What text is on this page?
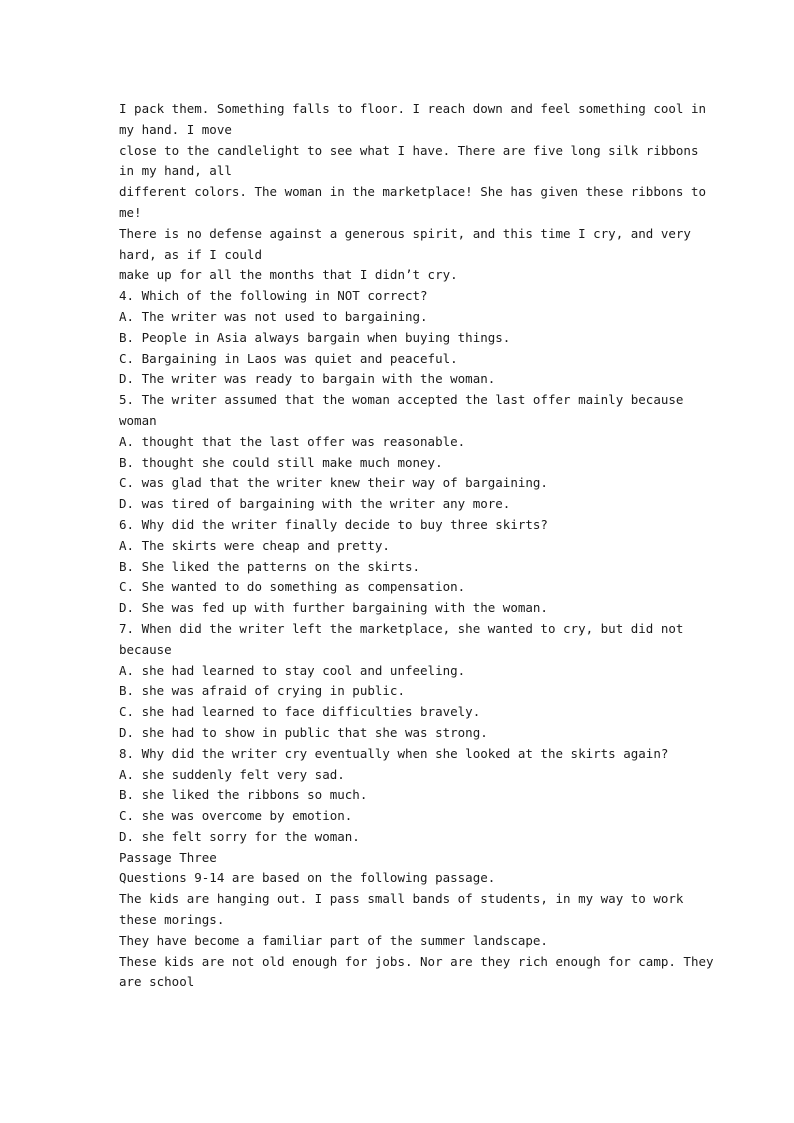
I pack them. Something falls to floor. I reach down and feel something cool in
my hand. I move
close to the candlelight to see what I have. There are five long silk ribbons
in my hand, all
different colors. The woman in the marketplace! She has given these ribbons to
me!
There is no defense against a generous spirit, and this time I cry, and very
hard, as if I could
make up for all the months that I didn’t cry.
4. Which of the following in NOT correct?
A. The writer was not used to bargaining.
B. People in Asia always bargain when buying things.
C. Bargaining in Laos was quiet and peaceful.
D. The writer was ready to bargain with the woman.
5. The writer assumed that the woman accepted the last offer mainly because
woman
A. thought that the last offer was reasonable.
B. thought she could still make much money.
C. was glad that the writer knew their way of bargaining.
D. was tired of bargaining with the writer any more.
6. Why did the writer finally decide to buy three skirts?
A. The skirts were cheap and pretty.
B. She liked the patterns on the skirts.
C. She wanted to do something as compensation.
D. She was fed up with further bargaining with the woman.
7. When did the writer left the marketplace, she wanted to cry, but did not
because
A. she had learned to stay cool and unfeeling.
B. she was afraid of crying in public.
C. she had learned to face difficulties bravely.
D. she had to show in public that she was strong.
8. Why did the writer cry eventually when she looked at the skirts again?
A. she suddenly felt very sad.
B. she liked the ribbons so much.
C. she was overcome by emotion.
D. she felt sorry for the woman.
Passage Three
Questions 9-14 are based on the following passage.
The kids are hanging out. I pass small bands of students, in my way to work
these morings.
They have become a familiar part of the summer landscape.
These kids are not old enough for jobs. Nor are they rich enough for camp. They
are school
